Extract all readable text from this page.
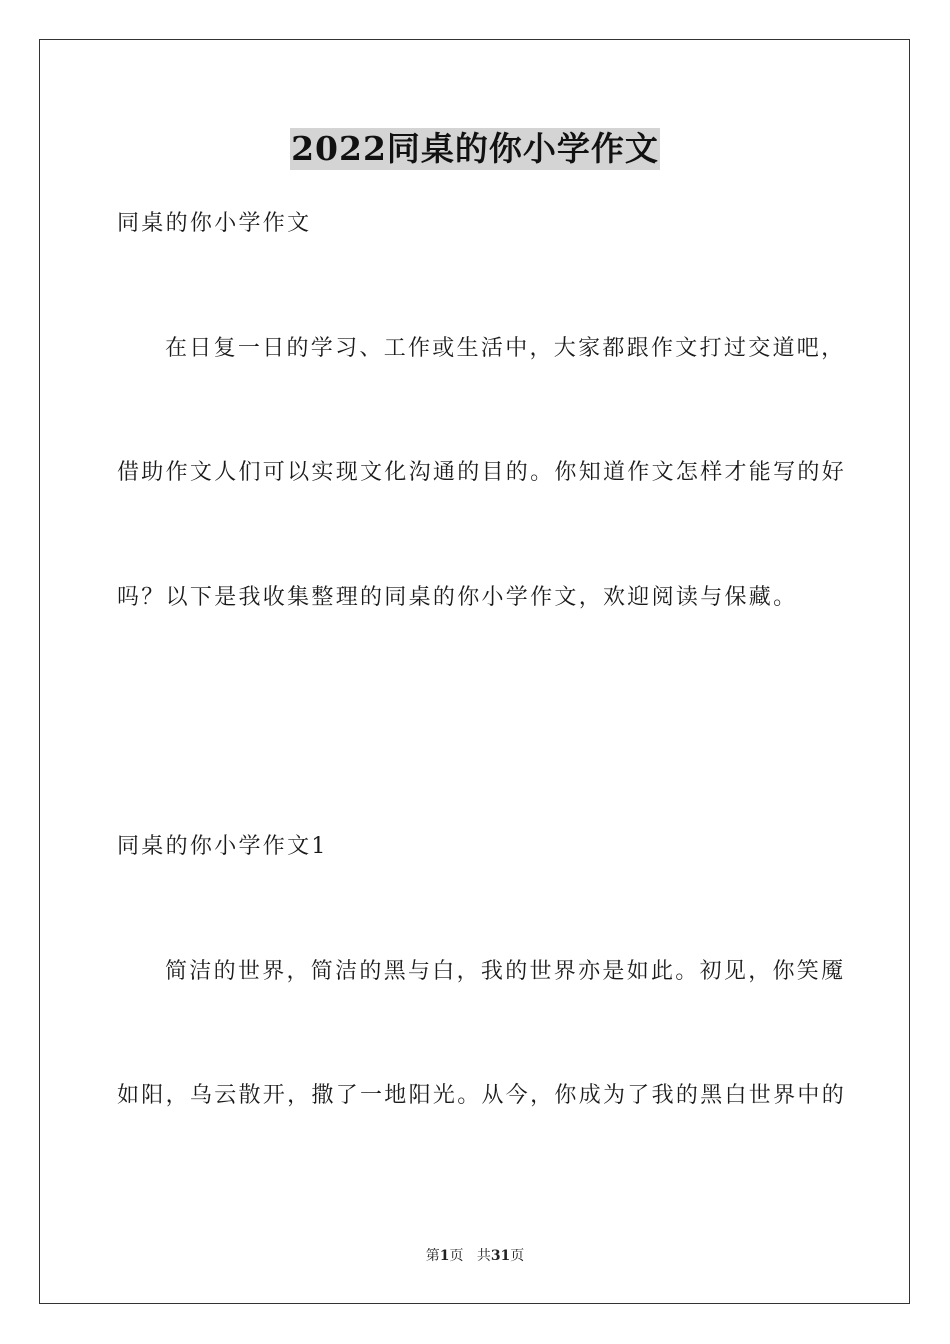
2022同桌的你小学作文
同桌的你小学作文
在日复一日的学习、工作或生活中，大家都跟作文打过交道吧，
借助作文人们可以实现文化沟通的目的。你知道作文怎样才能写的好
吗？以下是我收集整理的同桌的你小学作文，欢迎阅读与保藏。
同桌的你小学作文1
简洁的世界，简洁的黑与白，我的世界亦是如此。初见，你笑魇
如阳，乌云散开，撒了一地阳光。从今，你成为了我的黑白世界中的
第1页 共31页
